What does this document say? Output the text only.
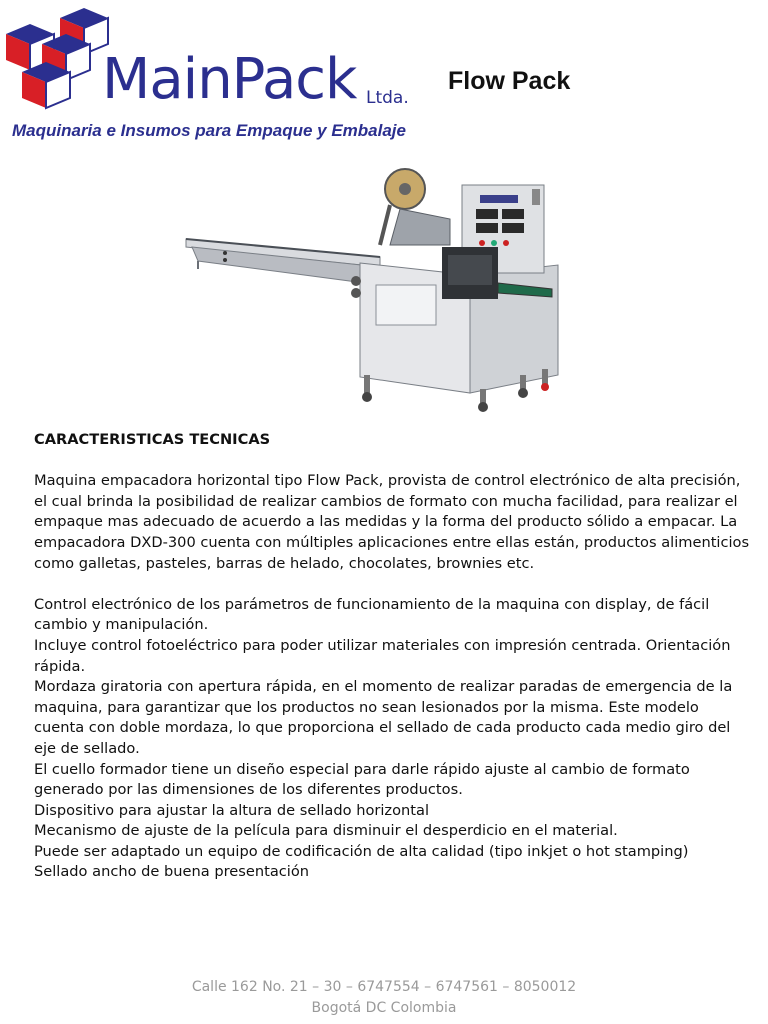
MainPack Ltda.
Maquinaria e Insumos para Empaque y Embalaje
Flow Pack
CARACTERISTICAS TECNICAS

Maquina empacadora horizontal tipo Flow Pack, provista de control electrónico de alta precisión,
el cual brinda la posibilidad de realizar cambios de formato con mucha facilidad, para realizar el
empaque mas adecuado de acuerdo a las medidas y la forma del producto sólido a empacar. La
empacadora DXD-300 cuenta con múltiples aplicaciones entre ellas están, productos alimenticios
como galletas, pasteles, barras de helado, chocolates, brownies etc.

Control electrónico de los parámetros de funcionamiento de la maquina con display, de fácil
cambio y manipulación.
Incluye control fotoeléctrico para poder utilizar materiales con impresión centrada. Orientación
rápida.
Mordaza giratoria con apertura rápida, en el momento de realizar paradas de emergencia de la
maquina, para garantizar que los productos no sean lesionados por la misma. Este modelo
cuenta con doble mordaza, lo que proporciona el sellado de cada producto cada medio giro del
eje de sellado.
El cuello formador tiene un diseño especial para darle rápido ajuste al cambio de formato
generado por las dimensiones de los diferentes productos.
Dispositivo para ajustar la altura de sellado horizontal
Mecanismo de ajuste de la película para disminuir el desperdicio en el material.
Puede ser adaptado un equipo de codificación de alta calidad (tipo inkjet o hot stamping)
Sellado ancho de buena presentación

Calle 162 No. 21 – 30 – 6747554 – 6747561 – 8050012
Bogotá DC Colombia
